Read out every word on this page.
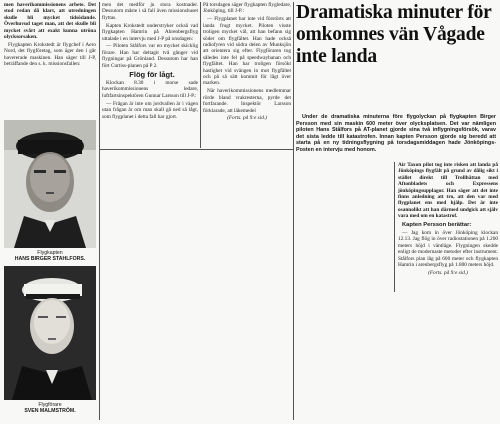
men haverikommissionens arbete. Det stod redan då klart, att utredningen skulle bli mycket tidsödande. Överhuvud taget man, att det skulle bli mycket svårt att exakt kunna utröna olycksorsaken.

Flygkapten Krokstedt är flygchef i Aero Nord, det flygföretag, som äger den i går havererade maskinen. Han säger till J-P, beträffande den s. k. missionsfallen:

Flygkapten
HANS BIRGER STAHLFORS.
Flygförare
SVEN MALMSTRÖM.

men det medför ju stora kostnader. Dessutom måste i så fall även missionshuset flyttas.

Kapten Krokstedt understryker också vad flygkapten Hamrin på Ahrenbergsflyg uttalade i en intervju med J-P på onsdagen:

— Piloten Stålfors var en mycket skicklig förare. Han har deltagit två gånger vid flygningar på Grönland. Dessutom har han fört Curtiss-planen på P 2.

Flög för lågt.

Klockan 8.30 i morse sade haverikommissionens ledare, luftfartsinspektören Gunnar Larsson till J-P.:

— Frågan är inte om jordvallen är i vägen utan frågan är om man skall gå ned så lågt, som flygplanet i detta fall har gjort.

På torsdagen säger flygkapten flygledare, Jönköping, till J-P.:

— Flygplanet har inte vid förstörts att landa frugt mycket. Piloten visste troligen mycket väl, att han befann sig söder om flygfältet. Han hade också radiofyren vid södra delen av Munksjön att orientera sig efter. Flygföraren tog således inte fel på speedwaybanan och flygfältet. Han har troligen försökt hastighet vid svängen in mot flygfältet och på så sätt kommit för lågt över marken.

När haverikommissionens medlemmar rörde bland vrakresterna, pyrde det fortfarande. Inspektör Larsson förklarade, att läkemedel

(Forts. på 9:e sid.)

Dramatiska minuter för omkomnes vän Vågade inte landa
Under de dramatiska minuterna före flygolyckan på flygkapten Birger Persson med sin maskin 600 meter över olycksplatsen. Det var nämligen piloten Hans Stålfors på AT-planet gjorde sina två inflygningsförsök, varav det sista ledde till katastrofen. Innan kapten Persson gjorde sig beredd att starta på en ny tidningsflygning på torsdagsmiddagen hade Jönköpings-Posten en intervju med honom.

Air Taxon pilot tog inte risken att landa på Jönköpings flygfält på grund av dålig sikt i stället direkt till Trollhättan med Aftonbladets och Expressens jönköpingsupplagor. Han säger att det inte finns anledning att tro, att den var med flygplanet ens med hjälp. Det är inte osannolikt att han därmed undgick att själv vara med om en katastrof.

Kapten Persson berättar:

— Jag kom in över Jönköping klockan 12.13. Jag flög in över radiostationen på 1.200 meters höjd i väntläge. Flygningen skedde enligt de modernaste metoder efter instrument. Stålfors plan låg på 600 meter och flygkapten Hamrin i arenbergsflyg på 1.800 meters höjd.

(Forts. på 9:e sid.)
